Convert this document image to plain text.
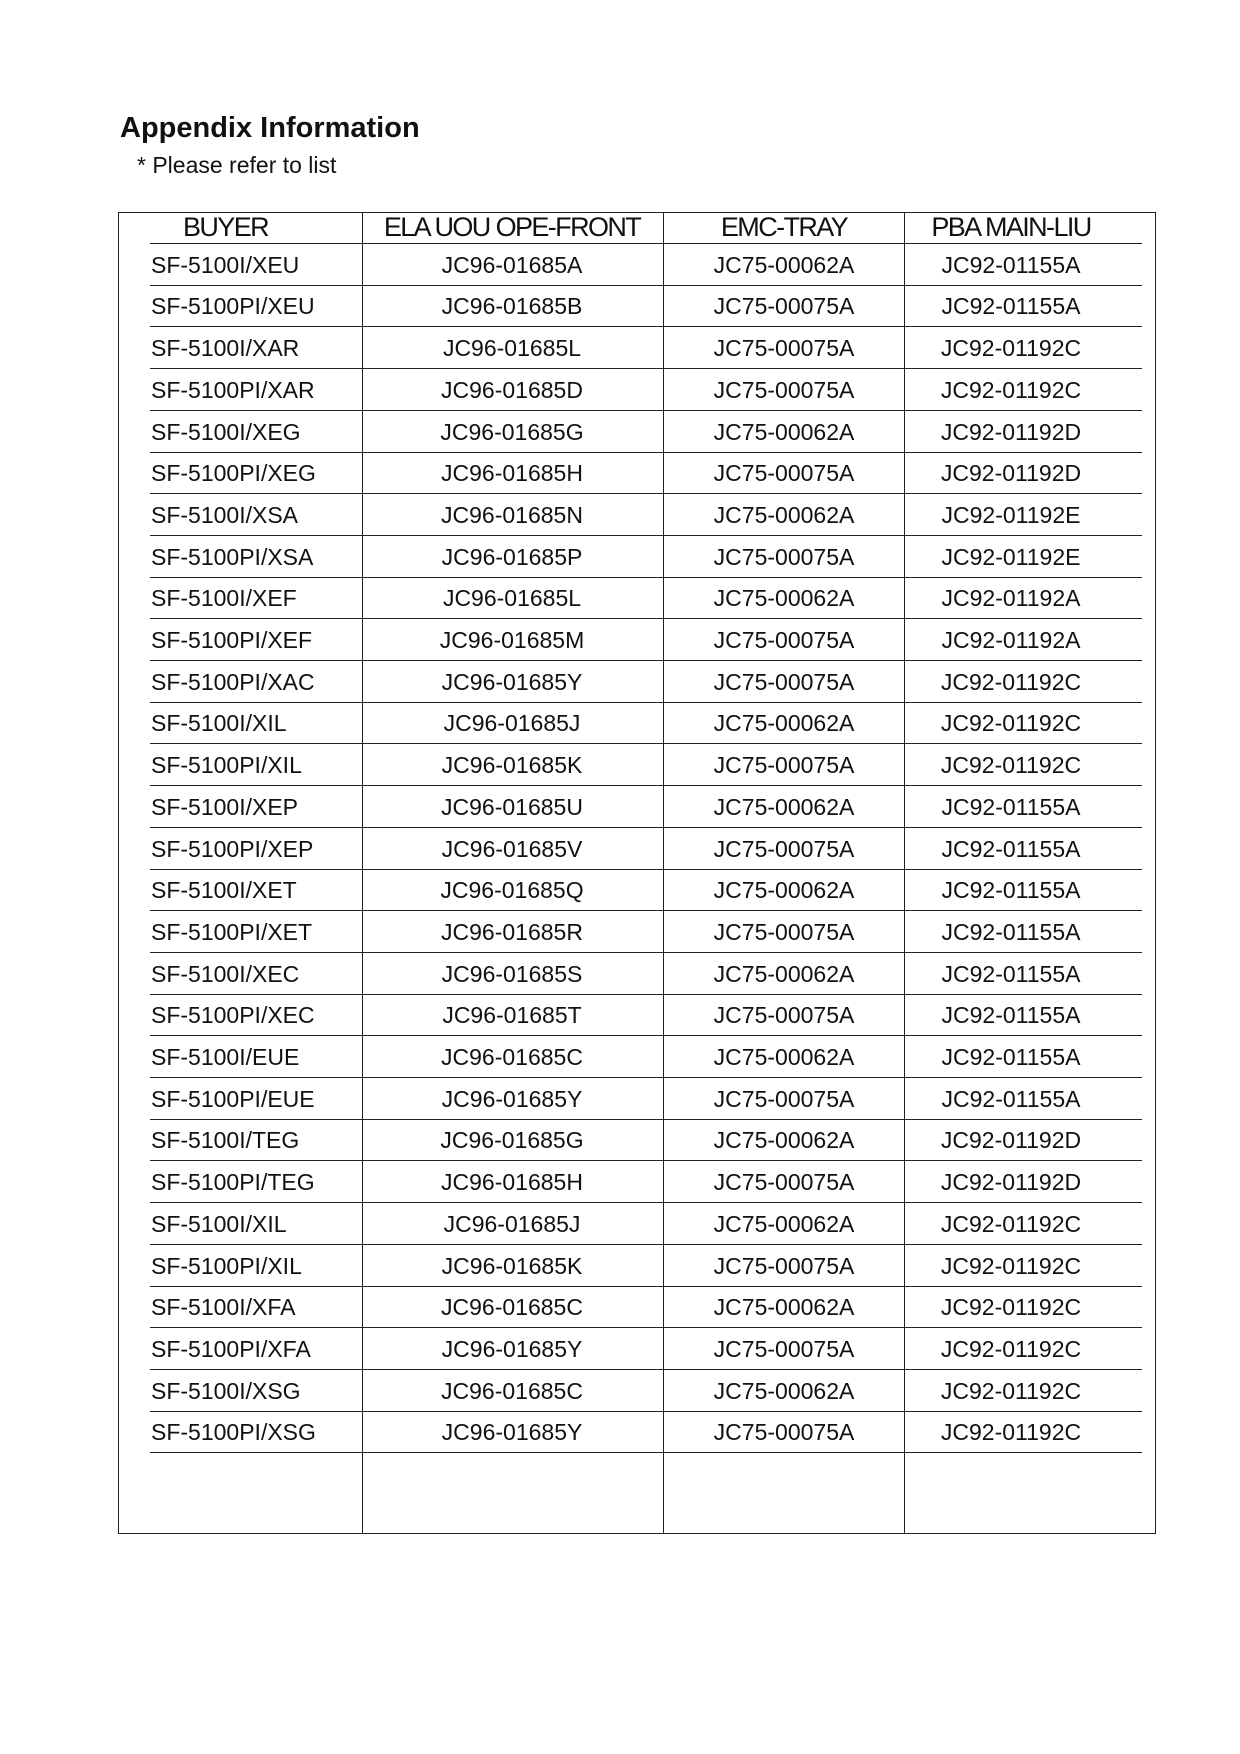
Appendix Information
* Please refer to list
BUYER	ELA UOU OPE-FRONT	EMC-TRAY	PBA MAIN-LIU
SF-5100I/XEU	JC96-01685A	JC75-00062A	JC92-01155A
SF-5100PI/XEU	JC96-01685B	JC75-00075A	JC92-01155A
SF-5100I/XAR	JC96-01685L	JC75-00075A	JC92-01192C
SF-5100PI/XAR	JC96-01685D	JC75-00075A	JC92-01192C
SF-5100I/XEG	JC96-01685G	JC75-00062A	JC92-01192D
SF-5100PI/XEG	JC96-01685H	JC75-00075A	JC92-01192D
SF-5100I/XSA	JC96-01685N	JC75-00062A	JC92-01192E
SF-5100PI/XSA	JC96-01685P	JC75-00075A	JC92-01192E
SF-5100I/XEF	JC96-01685L	JC75-00062A	JC92-01192A
SF-5100PI/XEF	JC96-01685M	JC75-00075A	JC92-01192A
SF-5100PI/XAC	JC96-01685Y	JC75-00075A	JC92-01192C
SF-5100I/XIL	JC96-01685J	JC75-00062A	JC92-01192C
SF-5100PI/XIL	JC96-01685K	JC75-00075A	JC92-01192C
SF-5100I/XEP	JC96-01685U	JC75-00062A	JC92-01155A
SF-5100PI/XEP	JC96-01685V	JC75-00075A	JC92-01155A
SF-5100I/XET	JC96-01685Q	JC75-00062A	JC92-01155A
SF-5100PI/XET	JC96-01685R	JC75-00075A	JC92-01155A
SF-5100I/XEC	JC96-01685S	JC75-00062A	JC92-01155A
SF-5100PI/XEC	JC96-01685T	JC75-00075A	JC92-01155A
SF-5100I/EUE	JC96-01685C	JC75-00062A	JC92-01155A
SF-5100PI/EUE	JC96-01685Y	JC75-00075A	JC92-01155A
SF-5100I/TEG	JC96-01685G	JC75-00062A	JC92-01192D
SF-5100PI/TEG	JC96-01685H	JC75-00075A	JC92-01192D
SF-5100I/XIL	JC96-01685J	JC75-00062A	JC92-01192C
SF-5100PI/XIL	JC96-01685K	JC75-00075A	JC92-01192C
SF-5100I/XFA	JC96-01685C	JC75-00062A	JC92-01192C
SF-5100PI/XFA	JC96-01685Y	JC75-00075A	JC92-01192C
SF-5100I/XSG	JC96-01685C	JC75-00062A	JC92-01192C
SF-5100PI/XSG	JC96-01685Y	JC75-00075A	JC92-01192C
